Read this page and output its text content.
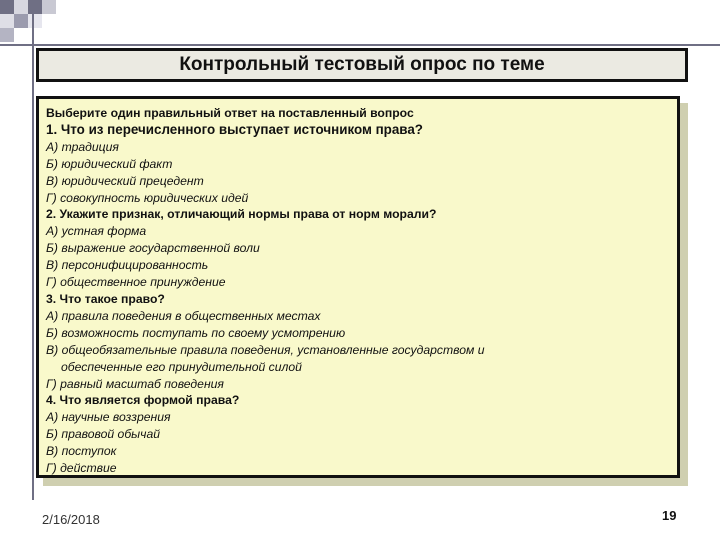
Контрольный тестовый опрос по теме
Выберите один правильный ответ на поставленный вопрос
1. Что из перечисленного выступает источником права?
А) традиция
Б) юридический факт
В) юридический прецедент
Г) совокупность юридических идей
2. Укажите признак, отличающий нормы права от норм морали?
А) устная форма
Б) выражение государственной воли
В) персонифицированность
Г) общественное принуждение
3. Что такое право?
А) правила поведения в общественных местах
Б) возможность поступать по своему усмотрению
В) общеобязательные правила поведения, установленные государством и
обеспеченные его принудительной силой
Г) равный масштаб поведения
4. Что является формой права?
А) научные воззрения
Б) правовой обычай
В) поступок
Г) действие
2/16/2018	19
